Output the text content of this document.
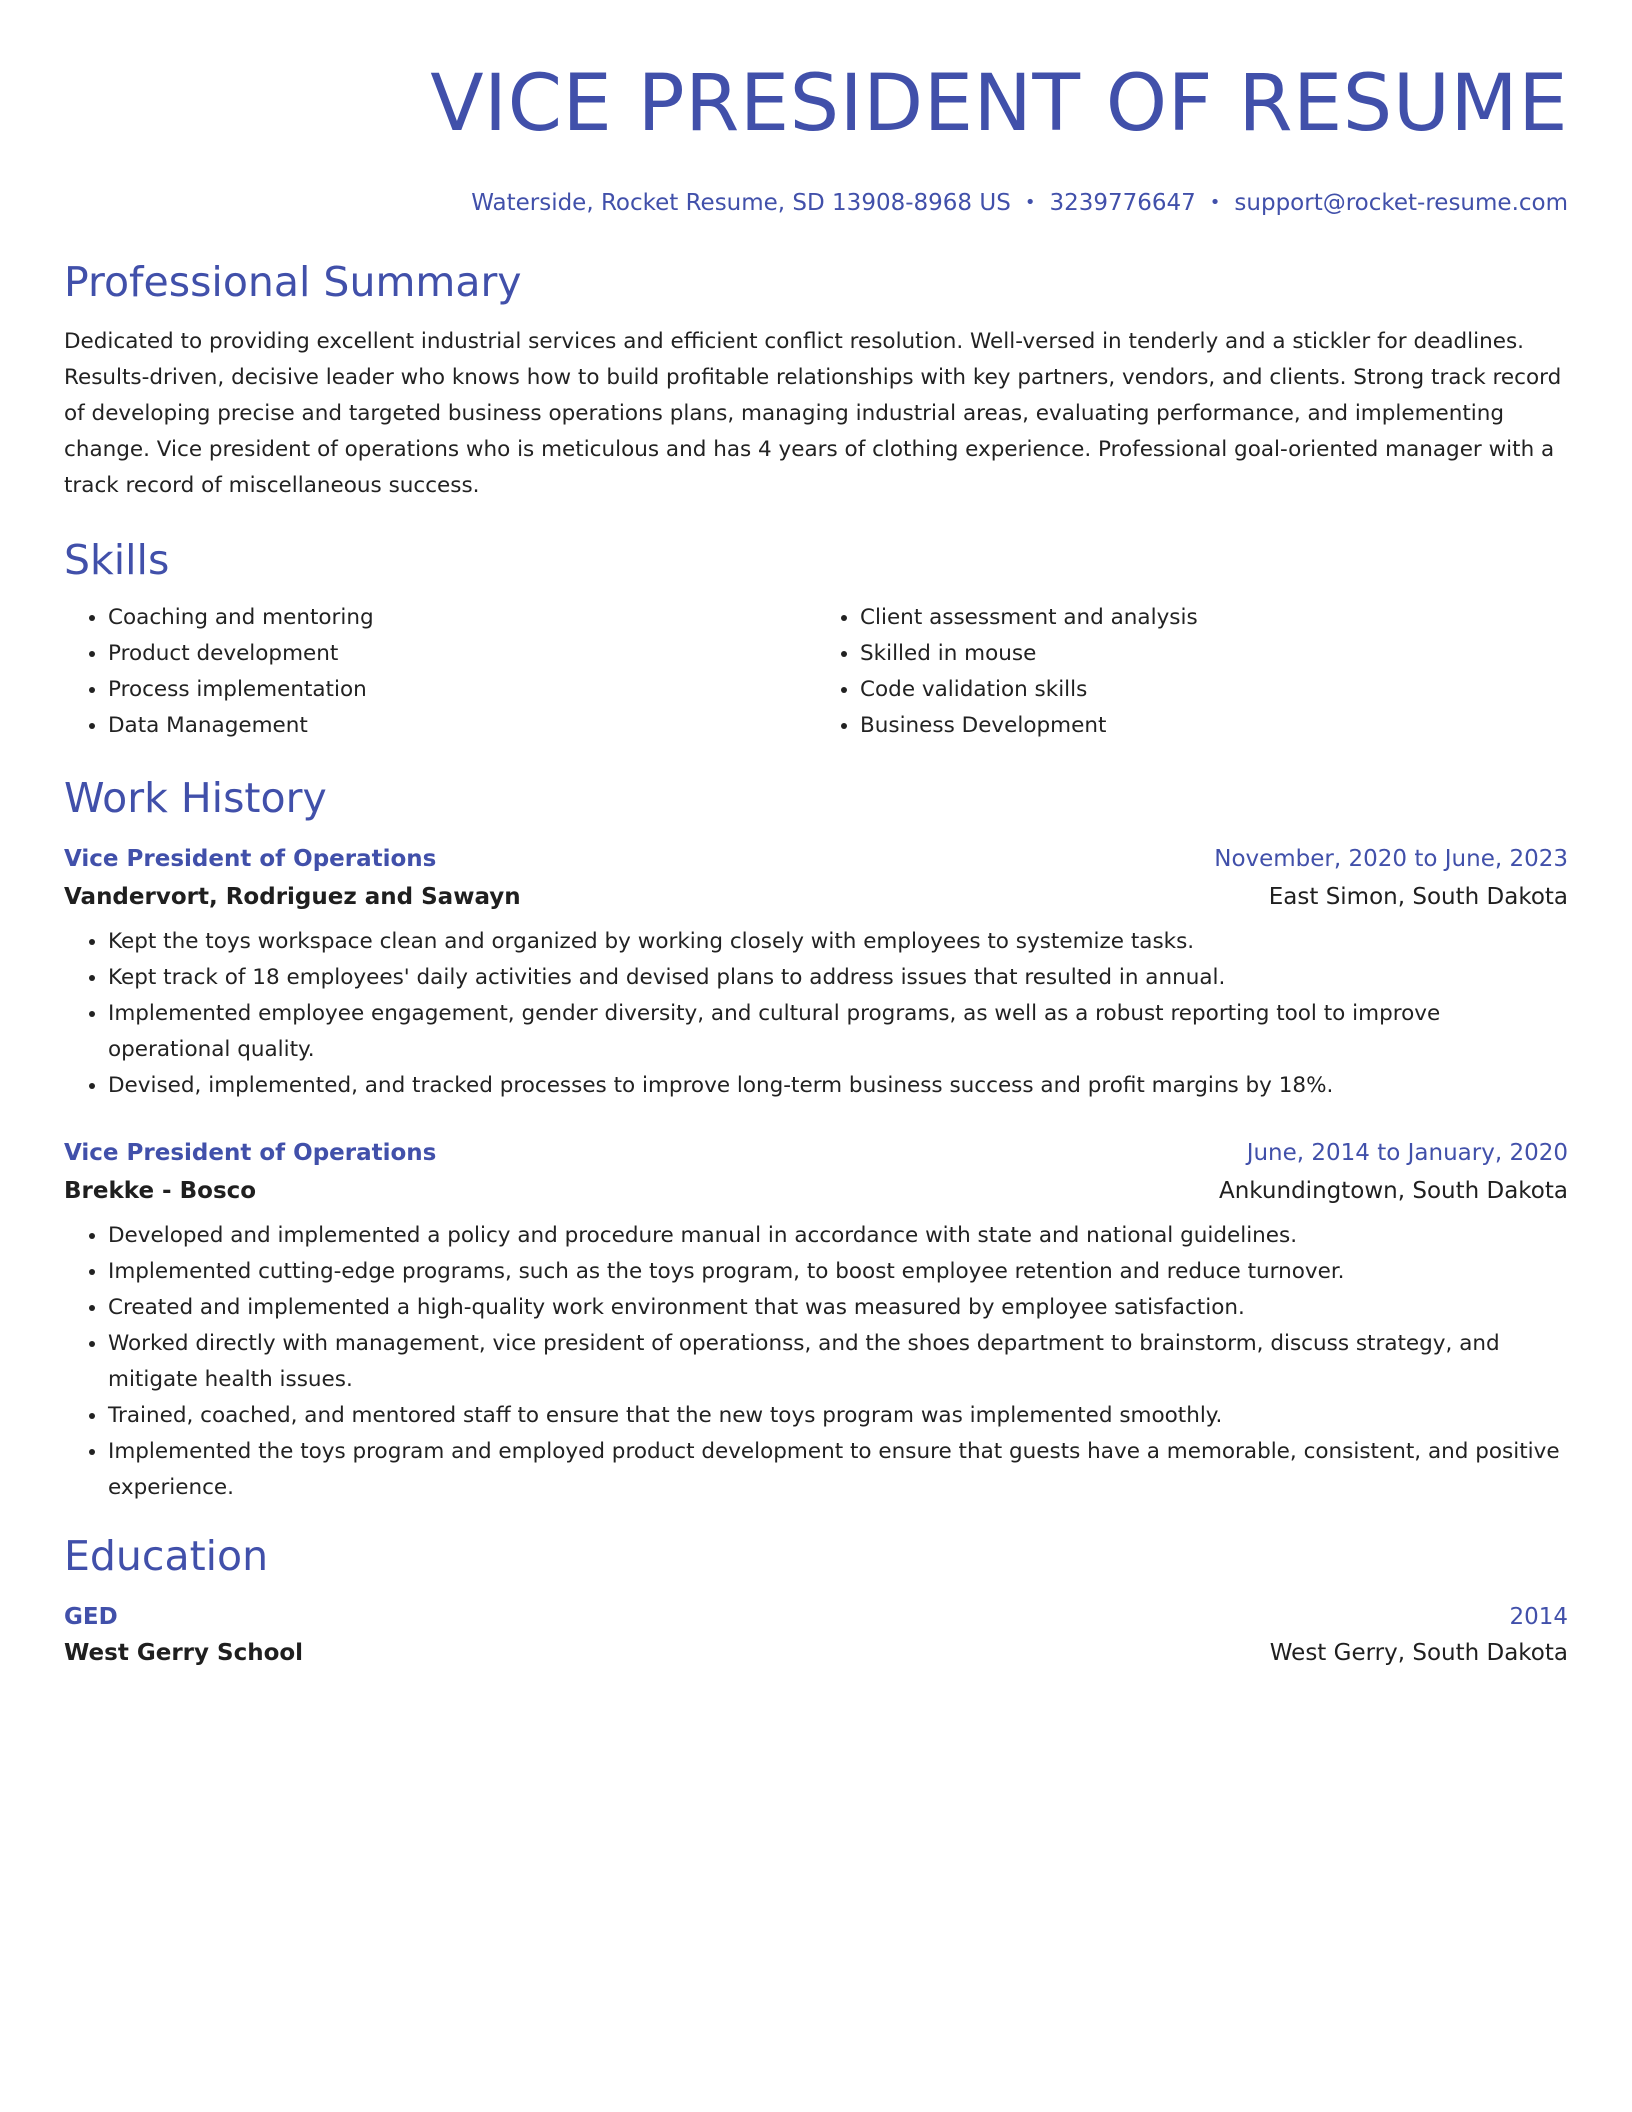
VICE PRESIDENT OF RESUME
Waterside, Rocket Resume, SD 13908-8968 US • 3239776647 • support@rocket-resume.com
Professional Summary

Dedicated to providing excellent industrial services and efficient conflict resolution. Well-versed in tenderly and a stickler for deadlines. Results-driven, decisive leader who knows how to build profitable relationships with key partners, vendors, and clients. Strong track record of developing precise and targeted business operations plans, managing industrial areas, evaluating performance, and implementing change. Vice president of operations who is meticulous and has 4 years of clothing experience. Professional goal-oriented manager with a track record of miscellaneous success.

Skills
• Coaching and mentoring
• Product development
• Process implementation
• Data Management
• Client assessment and analysis
• Skilled in mouse
• Code validation skills
• Business Development
Work History
Vice President of Operations	November, 2020 to June, 2023
Vandervort, Rodriguez and Sawayn	East Simon, South Dakota
• Kept the toys workspace clean and organized by working closely with employees to systemize tasks.
• Kept track of 18 employees' daily activities and devised plans to address issues that resulted in annual.
• Implemented employee engagement, gender diversity, and cultural programs, as well as a robust reporting tool to improve operational quality.
• Devised, implemented, and tracked processes to improve long-term business success and profit margins by 18%.
Vice President of Operations	June, 2014 to January, 2020
Brekke - Bosco	Ankundingtown, South Dakota
• Developed and implemented a policy and procedure manual in accordance with state and national guidelines.
• Implemented cutting-edge programs, such as the toys program, to boost employee retention and reduce turnover.
• Created and implemented a high-quality work environment that was measured by employee satisfaction.
• Worked directly with management, vice president of operationss, and the shoes department to brainstorm, discuss strategy, and mitigate health issues.
• Trained, coached, and mentored staff to ensure that the new toys program was implemented smoothly.
• Implemented the toys program and employed product development to ensure that guests have a memorable, consistent, and positive experience.
Education
GED	2014
West Gerry School	West Gerry, South Dakota
